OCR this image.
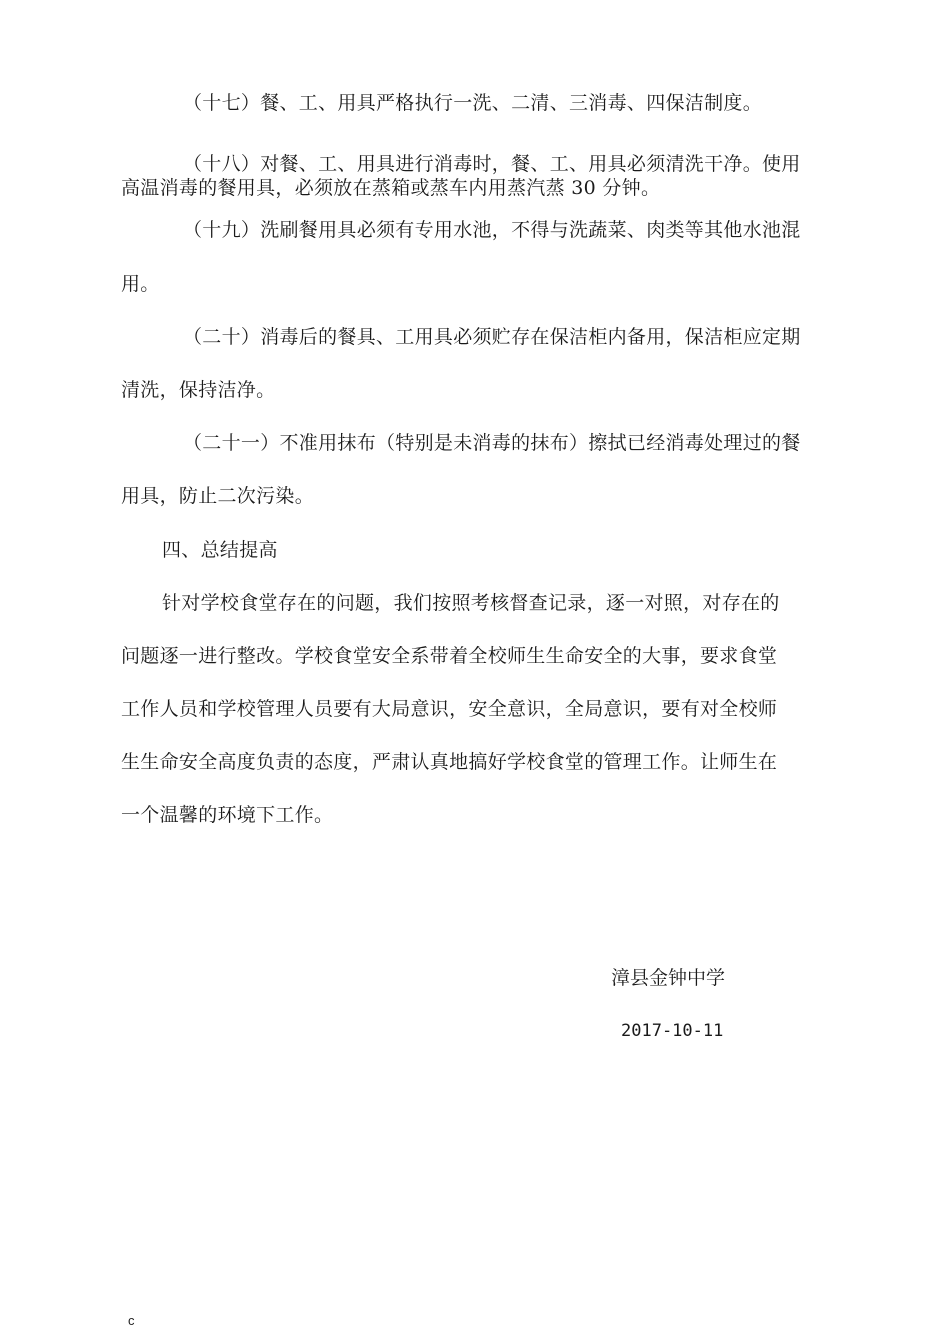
（十七）餐、工、用具严格执行一洗、二清、三消毒、四保洁制度。
（十八）对餐、工、用具进行消毒时，餐、工、用具必须清洗干净。使用
高温消毒的餐用具，必须放在蒸箱或蒸车内用蒸汽蒸 30 分钟。
（十九）洗刷餐用具必须有专用水池，不得与洗蔬菜、肉类等其他水池混
用。
（二十）消毒后的餐具、工用具必须贮存在保洁柜内备用，保洁柜应定期
清洗，保持洁净。
（二十一）不准用抹布（特别是未消毒的抹布）擦拭已经消毒处理过的餐
用具，防止二次污染。
四、总结提高
针对学校食堂存在的问题，我们按照考核督查记录，逐一对照，对存在的
问题逐一进行整改。学校食堂安全系带着全校师生生命安全的大事，要求食堂
工作人员和学校管理人员要有大局意识，安全意识，全局意识，要有对全校师
生生命安全高度负责的态度，严肃认真地搞好学校食堂的管理工作。让师生在
一个温馨的环境下工作。
漳县金钟中学
2017-10-11
c
